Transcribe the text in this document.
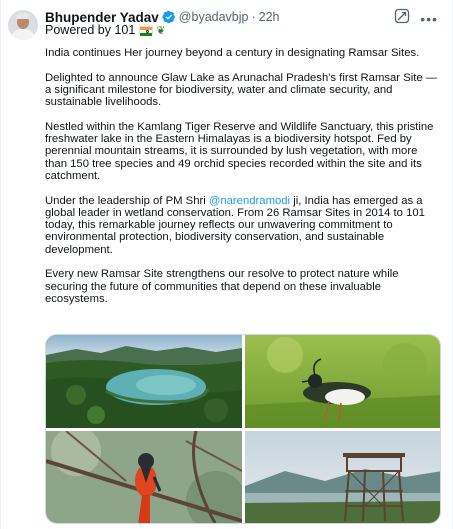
Bhupender Yadav @byadavbjp · 22h
Powered by 101 ❦
•••

India continues Her journey beyond a century in designating Ramsar Sites.

Delighted to announce Glaw Lake as Arunachal Pradesh's first Ramsar Site — a significant milestone for biodiversity, water and climate security, and sustainable livelihoods.

Nestled within the Kamlang Tiger Reserve and Wildlife Sanctuary, this pristine freshwater lake in the Eastern Himalayas is a biodiversity hotspot. Fed by perennial mountain streams, it is surrounded by lush vegetation, with more than 150 tree species and 49 orchid species recorded within the site and its catchment.

Under the leadership of PM Shri @narendramodi ji, India has emerged as a global leader in wetland conservation. From 26 Ramsar Sites in 2014 to 101 today, this remarkable journey reflects our unwavering commitment to environmental protection, biodiversity conservation, and sustainable development.

Every new Ramsar Site strengthens our resolve to protect nature while securing the future of communities that depend on these invaluable ecosystems.
